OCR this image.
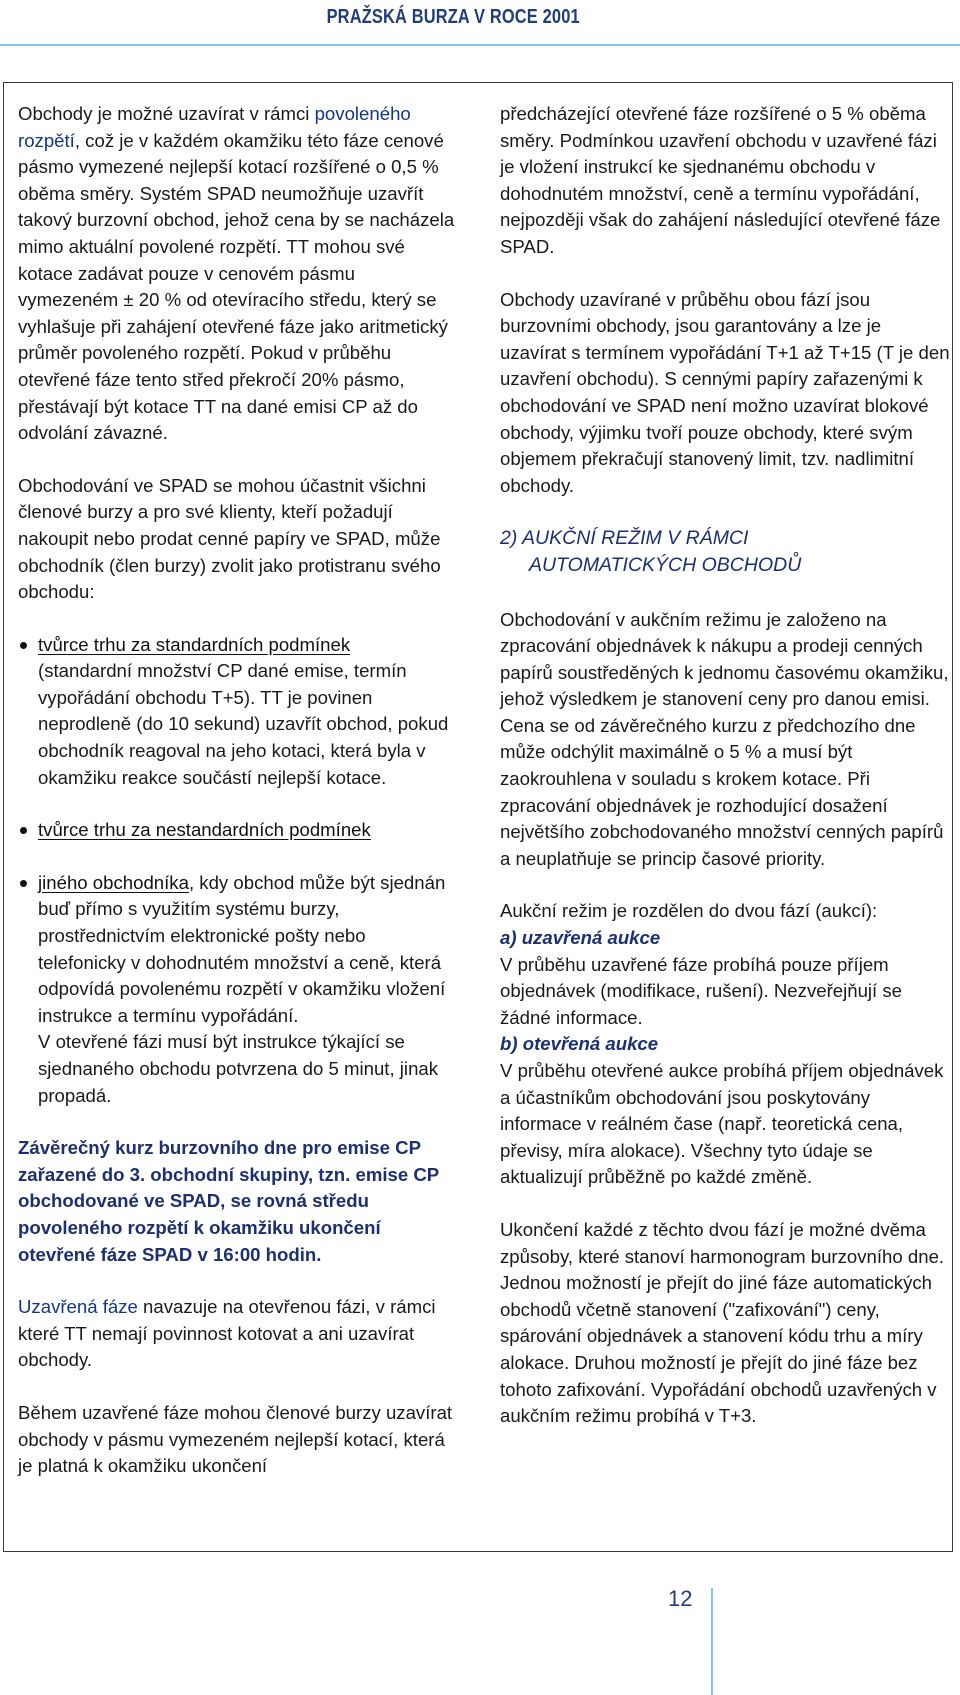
PRAŽSKÁ BURZA V ROCE 2001

Obchody je možné uzavírat v rámci povoleného rozpětí, což je v každém okamžiku této fáze cenové pásmo vymezené nejlepší kotací rozšířené o 0,5 % oběma směry. Systém SPAD neumožňuje uzavřít takový burzovní obchod, jehož cena by se nacházela mimo aktuální povolené rozpětí. TT mohou své kotace zadávat pouze v cenovém pásmu vymezeném ± 20 % od otevíracího středu, který se vyhlašuje při zahájení otevřené fáze jako aritmetický průměr povoleného rozpětí. Pokud v průběhu otevřené fáze tento střed překročí 20% pásmo, přestávají být kotace TT na dané emisi CP až do odvolání závazné.

Obchodování ve SPAD se mohou účastnit všichni členové burzy a pro své klienty, kteří požadují nakoupit nebo prodat cenné papíry ve SPAD, může obchodník (člen burzy) zvolit jako protistranu svého obchodu:

tvůrce trhu za standardních podmínek
(standardní množství CP dané emise, termín vypořádání obchodu T+5). TT je povinen neprodleně (do 10 sekund) uzavřít obchod, pokud obchodník reagoval na jeho kotaci, která byla v okamžiku reakce součástí nejlepší kotace.
tvůrce trhu za nestandardních podmínek
jiného obchodníka, kdy obchod může být sjednán buď přímo s využitím systému burzy, prostřednictvím elektronické pošty nebo telefonicky v dohodnutém množství a ceně, která odpovídá povolenému rozpětí v okamžiku vložení instrukce a termínu vypořádání.
V otevřené fázi musí být instrukce týkající se sjednaného obchodu potvrzena do 5 minut, jinak propadá.

Závěrečný kurz burzovního dne pro emise CP zařazené do 3. obchodní skupiny, tzn. emise CP obchodované ve SPAD, se rovná středu povoleného rozpětí k okamžiku ukončení otevřené fáze SPAD v 16:00 hodin.

Uzavřená fáze navazuje na otevřenou fázi, v rámci které TT nemají povinnost kotovat a ani uzavírat obchody.

Během uzavřené fáze mohou členové burzy uzavírat obchody v pásmu vymezeném nejlepší kotací, která je platná k okamžiku ukončení

předcházející otevřené fáze rozšířené o 5 % oběma směry. Podmínkou uzavření obchodu v uzavřené fázi je vložení instrukcí ke sjednanému obchodu v dohodnutém množství, ceně a termínu vypořádání, nejpozději však do zahájení následující otevřené fáze SPAD.

Obchody uzavírané v průběhu obou fází jsou burzovními obchody, jsou garantovány a lze je uzavírat s termínem vypořádání T+1 až T+15 (T je den uzavření obchodu). S cennými papíry zařazenými k obchodování ve SPAD není možno uzavírat blokové obchody, výjimku tvoří pouze obchody, které svým objemem překračují stanovený limit, tzv. nadlimitní obchody.

2) AUKČNÍ REŽIM V RÁMCI
AUTOMATICKÝCH OBCHODŮ

Obchodování v aukčním režimu je založeno na zpracování objednávek k nákupu a prodeji cenných papírů soustředěných k jednomu časovému okamžiku, jehož výsledkem je stanovení ceny pro danou emisi. Cena se od závěrečného kurzu z předchozího dne může odchýlit maximálně o 5 % a musí být zaokrouhlena v souladu s krokem kotace. Při zpracování objednávek je rozhodující dosažení největšího zobchodovaného množství cenných papírů a neuplatňuje se princip časové priority.

Aukční režim je rozdělen do dvou fází (aukcí):

a) uzavřená aukce

V průběhu uzavřené fáze probíhá pouze příjem objednávek (modifikace, rušení). Nezveřejňují se žádné informace.

b) otevřená aukce

V průběhu otevřené aukce probíhá příjem objednávek a účastníkům obchodování jsou poskytovány informace v reálném čase (např. teoretická cena, převisy, míra alokace). Všechny tyto údaje se aktualizují průběžně po každé změně.

Ukončení každé z těchto dvou fází je možné dvěma způsoby, které stanoví harmonogram burzovního dne. Jednou možností je přejít do jiné fáze automatických obchodů včetně stanovení ("zafixování") ceny, spárování objednávek a stanovení kódu trhu a míry alokace. Druhou možností je přejít do jiné fáze bez tohoto zafixování. Vypořádání obchodů uzavřených v aukčním režimu probíhá v T+3.

12
